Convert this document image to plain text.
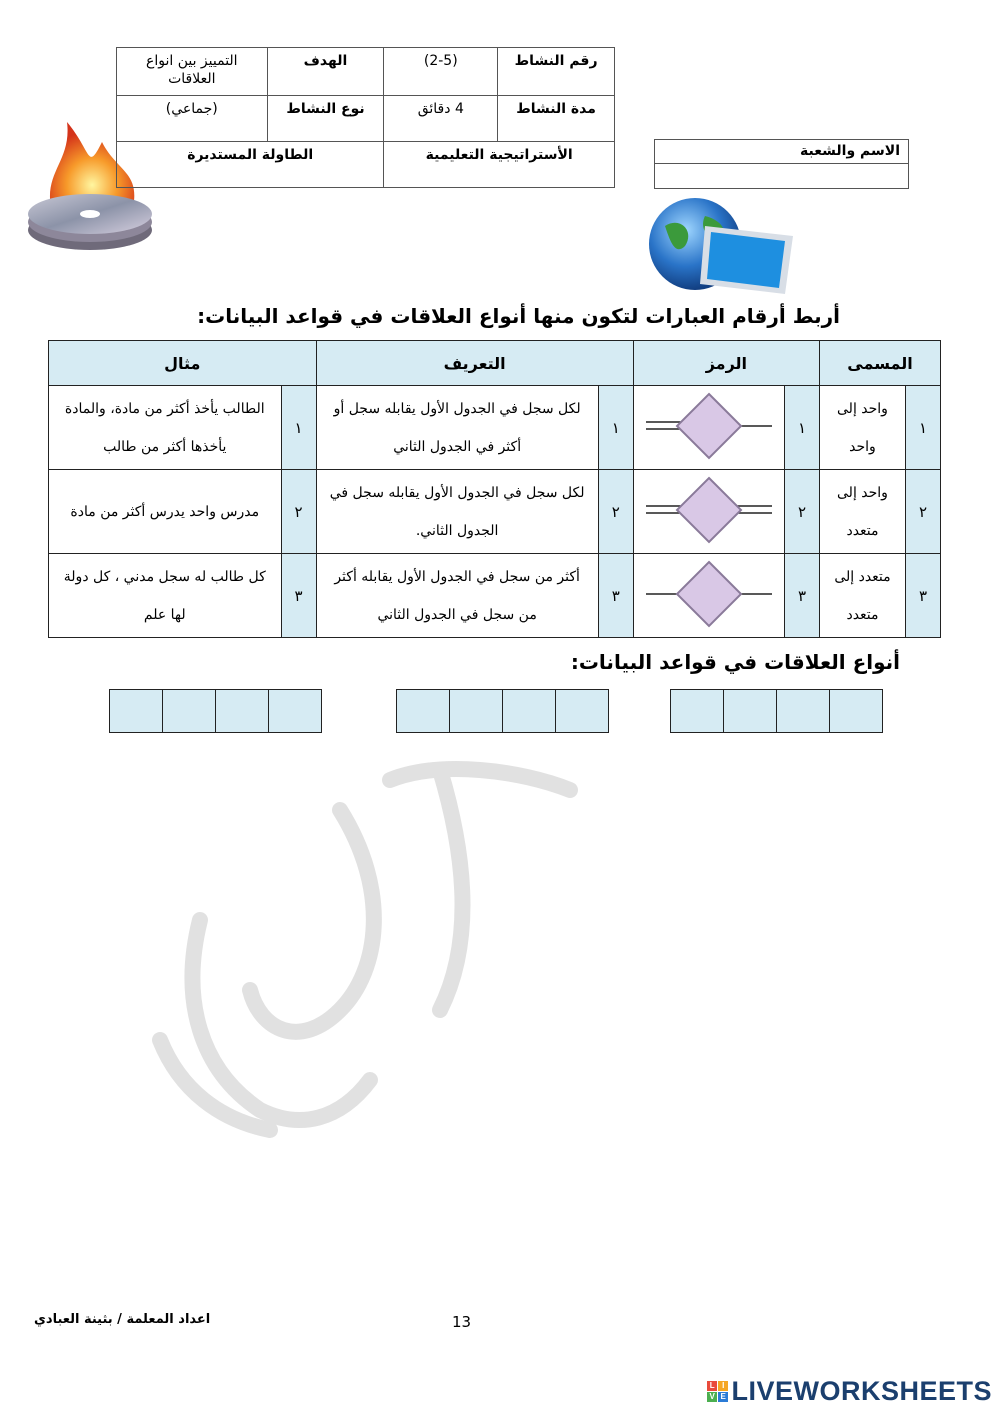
رقم النشاط	(2-5)	الهدف	التمييز بين انواع العلاقات
مدة النشاط	4 دقائق	نوع النشاط	(جماعي)
الأستراتيجية التعليمية		الطاولة المستديرة		الاسم والشعبة
أربط أرقام العبارات لتكون منها أنواع العلاقات في قواعد البيانات:
المسمى		الرمز		التعريف		مثال	
١	واحد إلى واحد	١		١	لكل سجل في الجدول الأول يقابله سجل أو أكثر في الجدول الثاني	١	الطالب يأخذ أكثر من مادة، والمادة يأخذها أكثر من طالب
٢	واحد إلى متعدد	٢		٢	لكل سجل في الجدول الأول يقابله سجل في الجدول الثاني.	٢	مدرس واحد يدرس أكثر من مادة
٣	متعدد إلى متعدد	٣		٣	أكثر من سجل في الجدول الأول يقابله أكثر من سجل في الجدول الثاني	٣	كل طالب له سجل مدني ، كل دولة لها علم
أنواع العلاقات في قواعد البيانات:
اعداد المعلمة / بثينة العبادي	13
L I
V E LIVEWORKSHEETS
